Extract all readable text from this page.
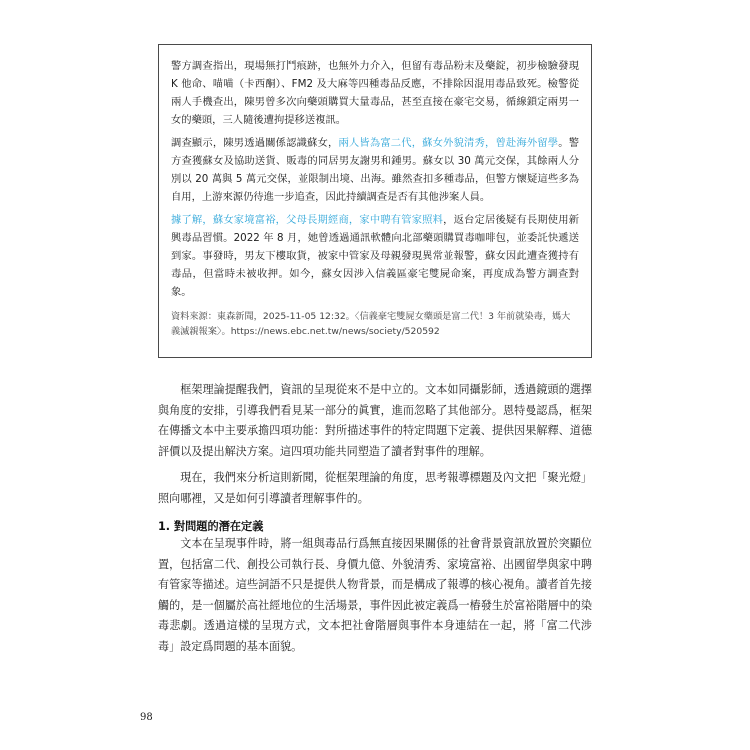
警方調查指出，現場無打鬥痕跡，也無外力介入，但留有毒品粉末及藥錠，初步檢驗發現 K 他命、喵喵（卡西酮）、FM2 及大麻等四種毒品反應，不排除因混用毒品致死。檢警從兩人手機查出，陳男曾多次向藥頭購買大量毒品，甚至直接在豪宅交易，循線鎖定兩男一女的藥頭，三人隨後遭拘提移送複訊。

調查顯示，陳男透過關係認識蘇女，兩人皆為富二代，蘇女外貌清秀，曾赴海外留學。警方查獲蘇女及協助送貨、販毒的同居男友謝男和鍾男。蘇女以 30 萬元交保，其餘兩人分別以 20 萬與 5 萬元交保，並限制出境、出海。雖然查扣多種毒品，但警方懷疑這些多為自用，上游來源仍待進一步追查，因此持續調查是否有其他涉案人員。

據了解，蘇女家境富裕，父母長期經商，家中聘有管家照料，返台定居後疑有長期使用新興毒品習慣。2022 年 8 月，她曾透過通訊軟體向北部藥頭購買毒咖啡包，並委託快遞送到家。事發時，男友下樓取貨，被家中管家及母親發現異常並報警，蘇女因此遭查獲持有毒品，但當時未被收押。如今，蘇女因涉入信義區豪宅雙屍命案，再度成為警方調查對象。

資料來源：東森新聞，2025-11-05 12:32。〈信義豪宅雙屍女藥頭是富二代！3 年前就染毒，媽大義滅親報案〉。https://news.ebc.net.tw/news/society/520592

框架理論提醒我們，資訊的呈現從來不是中立的。文本如同攝影師，透過鏡頭的選擇與角度的安排，引導我們看見某一部分的眞實，進而忽略了其他部分。恩特曼認爲，框架在傳播文本中主要承擔四項功能：對所描述事件的特定問題下定義、提供因果解釋、道德評價以及提出解決方案。這四項功能共同塑造了讀者對事件的理解。

現在，我們來分析這則新聞，從框架理論的角度，思考報導標題及內文把「聚光燈」照向哪裡，又是如何引導讀者理解事件的。

1. 對問題的潛在定義

文本在呈現事件時，將一組與毒品行爲無直接因果關係的社會背景資訊放置於突顯位置，包括富二代、創投公司執行長、身價九億、外貌清秀、家境富裕、出國留學與家中聘有管家等描述。這些詞語不只是提供人物背景，而是構成了報導的核心視角。讀者首先接觸的，是一個屬於高社經地位的生活場景，事件因此被定義爲一樁發生於富裕階層中的染毒悲劇。透過這樣的呈現方式，文本把社會階層與事件本身連結在一起，將「富二代涉毒」設定爲問題的基本面貌。

98
